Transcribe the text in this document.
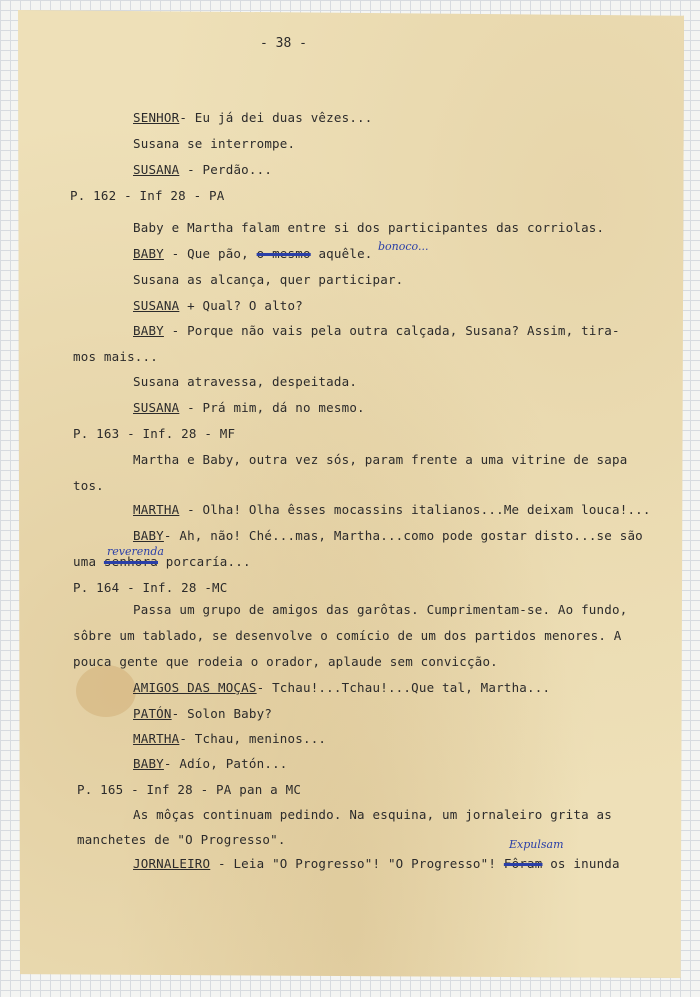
- 38 -
SENHOR- Eu já dei duas vêzes...
Susana se interrompe.
SUSANA - Perdão...
P. 162 - Inf 28 - PA
Baby e Martha falam entre si dos participantes das corriolas.
BABY - Que pão, o mesmo aquêle. bonoco...
Susana as alcança, quer participar.
SUSANA + Qual? O alto?
BABY - Porque não vais pela outra calçada, Susana? Assim, tira-
mos mais...
Susana atravessa, despeitada.
SUSANA - Prá mim, dá no mesmo.
P. 163 - Inf. 28 - MF
Martha e Baby, outra vez sós, param frente a uma vitrine de sapa
tos.
MARTHA - Olha! Olha êsses mocassins italianos...Me deixam louca!...
BABY- Ah, não! Ché...mas, Martha...como pode gostar disto...se são
reverenda
uma senhora porcaría...
P. 164 - Inf. 28 -MC
Passa um grupo de amigos das garôtas. Cumprimentam-se. Ao fundo,
sôbre um tablado, se desenvolve o comício de um dos partidos menores. A
pouca gente que rodeia o orador, aplaude sem convicção.
AMIGOS DAS MOÇAS- Tchau!...Tchau!...Que tal, Martha...
PATÓN- Solon Baby?
MARTHA- Tchau, meninos...
BABY- Adío, Patón...
P. 165 - Inf 28 - PA pan a MC
As môças continuam pedindo. Na esquina, um jornaleiro grita as
manchetes de "O Progresso".	Expulsam
JORNALEIRO - Leia "O Progresso"! "O Progresso"! Fôram os inunda
